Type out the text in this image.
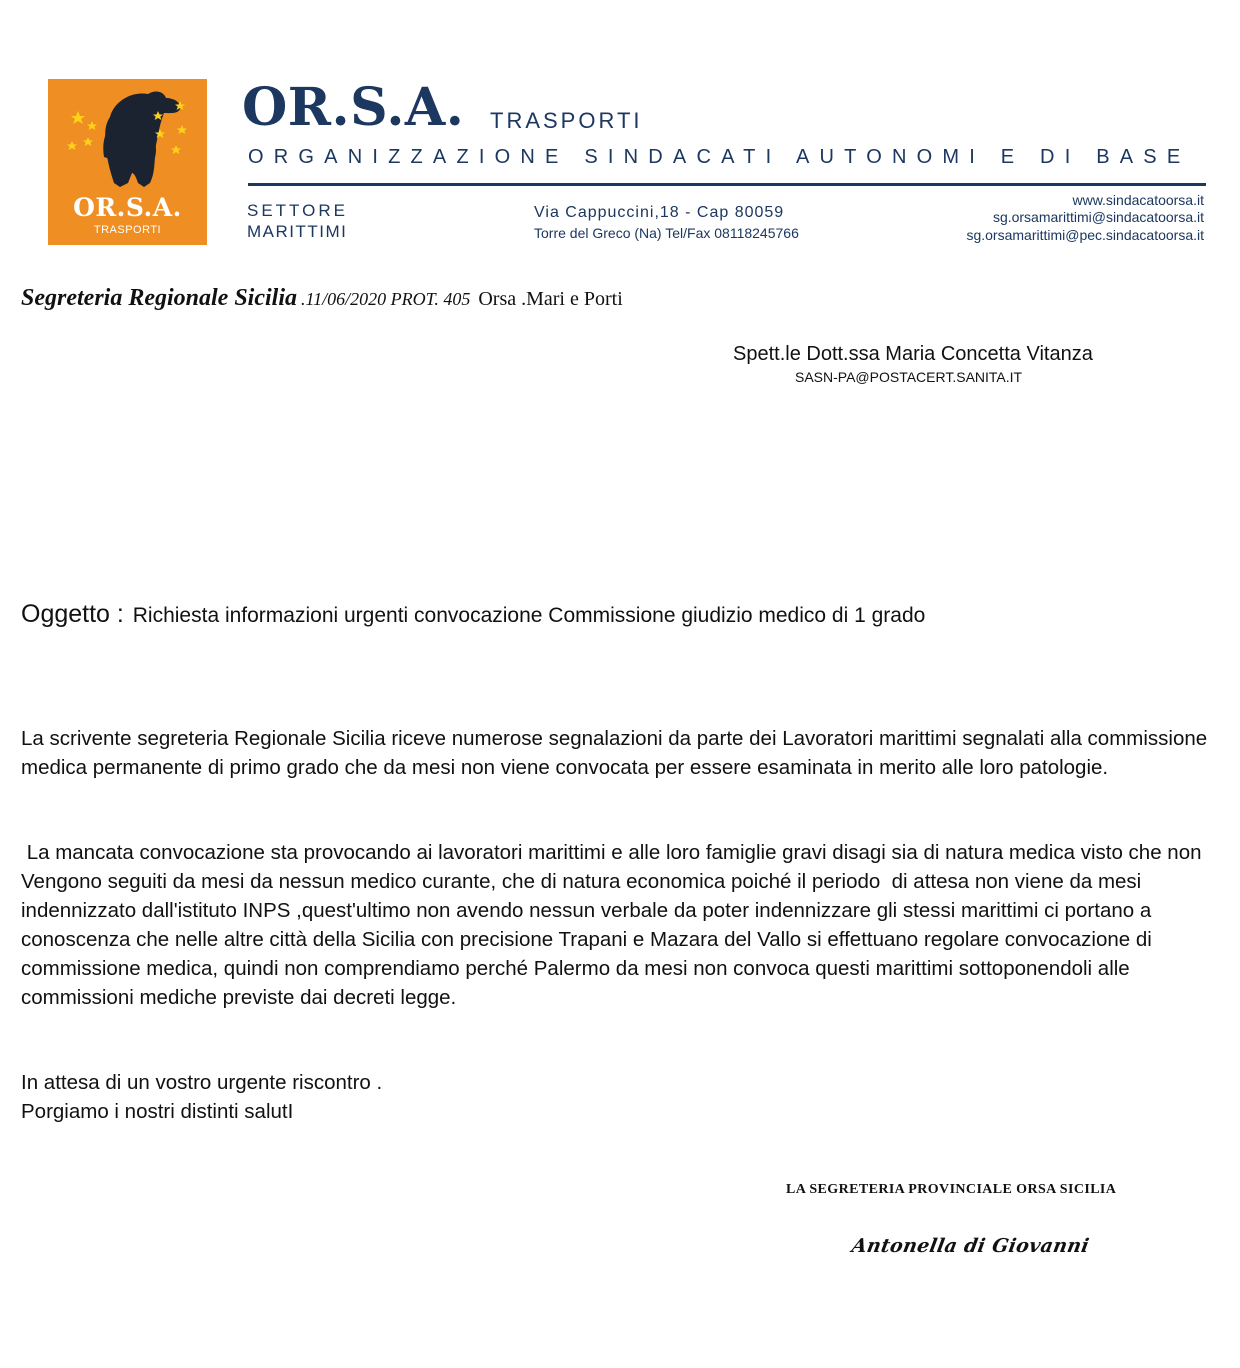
OR.S.A.
TRASPORTI
OR.S.A. TRASPORTI
ORGANIZZAZIONE SINDACATI AUTONOMI E DI BASE
SETTORE
MARITTIMI
Via Cappuccini,18 - Cap 80059
Torre del Greco (Na) Tel/Fax 08118245766
www.sindacatoorsa.it
sg.orsamarittimi@sindacatoorsa.it
sg.orsamarittimi@pec.sindacatoorsa.it
Segreteria Regionale Sicilia .11/06/2020 PROT. 405 Orsa .Mari e Porti
Spett.le Dott.ssa Maria Concetta Vitanza
SASN-PA@POSTACERT.SANITA.IT
Oggetto : Richiesta informazioni urgenti convocazione Commissione giudizio medico di 1 grado

La scrivente segreteria Regionale Sicilia riceve numerose segnalazioni da parte dei Lavoratori marittimi segnalati alla commissione medica permanente di primo grado che da mesi non viene convocata per essere esaminata in merito alle loro patologie.

La mancata convocazione sta provocando ai lavoratori marittimi e alle loro famiglie gravi disagi sia di natura medica visto che non Vengono seguiti da mesi da nessun medico curante, che di natura economica poiché il periodo  di attesa non viene da mesi indennizzato dall'istituto INPS ,quest'ultimo non avendo nessun verbale da poter indennizzare gli stessi marittimi ci portano a conoscenza che nelle altre città della Sicilia con precisione Trapani e Mazara del Vallo si effettuano regolare convocazione di commissione medica, quindi non comprendiamo perché Palermo da mesi non convoca questi marittimi sottoponendoli alle commissioni mediche previste dai decreti legge.

In attesa di un vostro urgente riscontro .

Porgiamo i nostri distinti salutI

LA SEGRETERIA PROVINCIALE ORSA SICILIA
Antonella di Giovanni
